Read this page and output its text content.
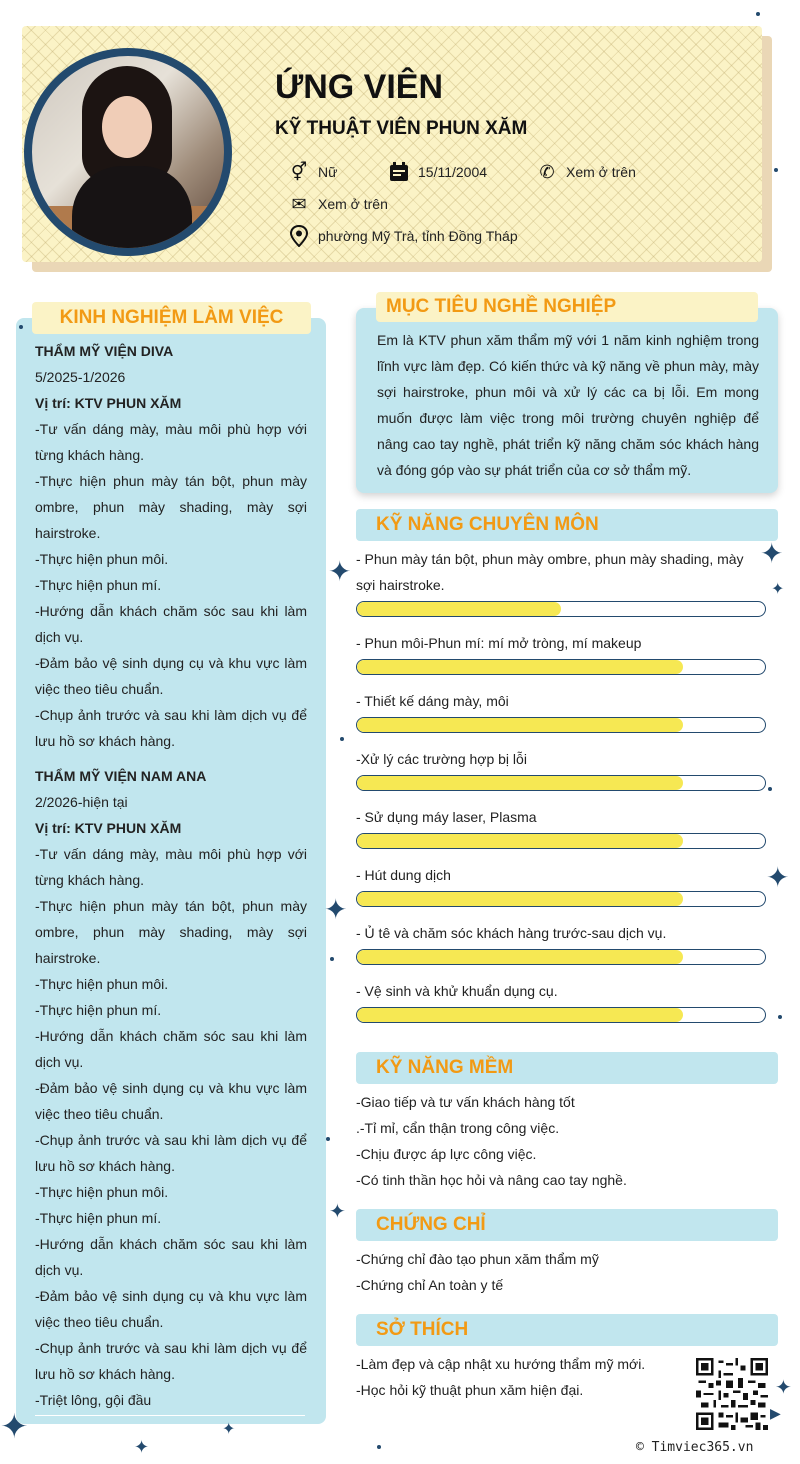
ỨNG VIÊN
KỸ THUẬT VIÊN PHUN XĂM
⚥ Nữ	15/11/2004	✆ Xem ở trên
✉ Xem ở trên
phường Mỹ Trà, tỉnh Đồng Tháp
KINH NGHIỆM LÀM VIỆC
THẨM MỸ VIỆN DIVA
5/2025-1/2026
Vị trí: KTV PHUN XĂM
-Tư vấn dáng mày, màu môi phù hợp với từng khách hàng.
-Thực hiện phun mày tán bột, phun mày ombre, phun mày shading, mày sợi hairstroke.
-Thực hiện phun môi.
-Thực hiện phun mí.
-Hướng dẫn khách chăm sóc sau khi làm dịch vụ.
-Đảm bảo vệ sinh dụng cụ và khu vực làm việc theo tiêu chuẩn.
-Chụp ảnh trước và sau khi làm dịch vụ để lưu hồ sơ khách hàng.
THẨM MỸ VIỆN NAM ANA
2/2026-hiện tại
Vị trí: KTV PHUN XĂM
-Tư vấn dáng mày, màu môi phù hợp với từng khách hàng.
-Thực hiện phun mày tán bột, phun mày ombre, phun mày shading, mày sợi hairstroke.
-Thực hiện phun môi.
-Thực hiện phun mí.
-Hướng dẫn khách chăm sóc sau khi làm dịch vụ.
-Đảm bảo vệ sinh dụng cụ và khu vực làm việc theo tiêu chuẩn.
-Chụp ảnh trước và sau khi làm dịch vụ để lưu hồ sơ khách hàng.
-Thực hiện phun môi.
-Thực hiện phun mí.
-Hướng dẫn khách chăm sóc sau khi làm dịch vụ.
-Đảm bảo vệ sinh dụng cụ và khu vực làm việc theo tiêu chuẩn.
-Chụp ảnh trước và sau khi làm dịch vụ để lưu hồ sơ khách hàng.
-Triệt lông, gội đầu
MỤC TIÊU NGHỀ NGHIỆP
Em là KTV phun xăm thẩm mỹ với 1 năm kinh nghiệm trong lĩnh vực làm đẹp. Có kiến thức và kỹ năng về phun mày, mày sợi hairstroke, phun môi và xử lý các ca bị lỗi. Em mong muốn được làm việc trong môi trường chuyên nghiệp để nâng cao tay nghề, phát triển kỹ năng chăm sóc khách hàng và đóng góp vào sự phát triển của cơ sở thẩm mỹ.
KỸ NĂNG CHUYÊN MÔN
- Phun mày tán bột, phun mày ombre, phun mày shading, mày sợi hairstroke.
- Phun môi-Phun mí: mí mở tròng, mí makeup
- Thiết kế dáng mày, môi
-Xử lý các trường hợp bị lỗi
- Sử dụng máy laser, Plasma
- Hút dung dịch
- Ủ tê và chăm sóc khách hàng trước-sau dịch vụ.
- Vệ sinh và khử khuẩn dụng cụ.
KỸ NĂNG MỀM
-Giao tiếp và tư vấn khách hàng tốt
.-Tỉ mỉ, cẩn thận trong công việc.
-Chịu được áp lực công việc.
-Có tinh thần học hỏi và nâng cao tay nghề.
CHỨNG CHỈ
-Chứng chỉ đào tạo phun xăm thẩm mỹ
-Chứng chỉ An toàn y tế
SỞ THÍCH
-Làm đẹp và cập nhật xu hướng thẩm mỹ mới.
-Học hỏi kỹ thuật phun xăm hiện đại.
© Timviec365.vn
✦
✦
✦
✦
✦
✦
✦
✦
✦
✦
▶
